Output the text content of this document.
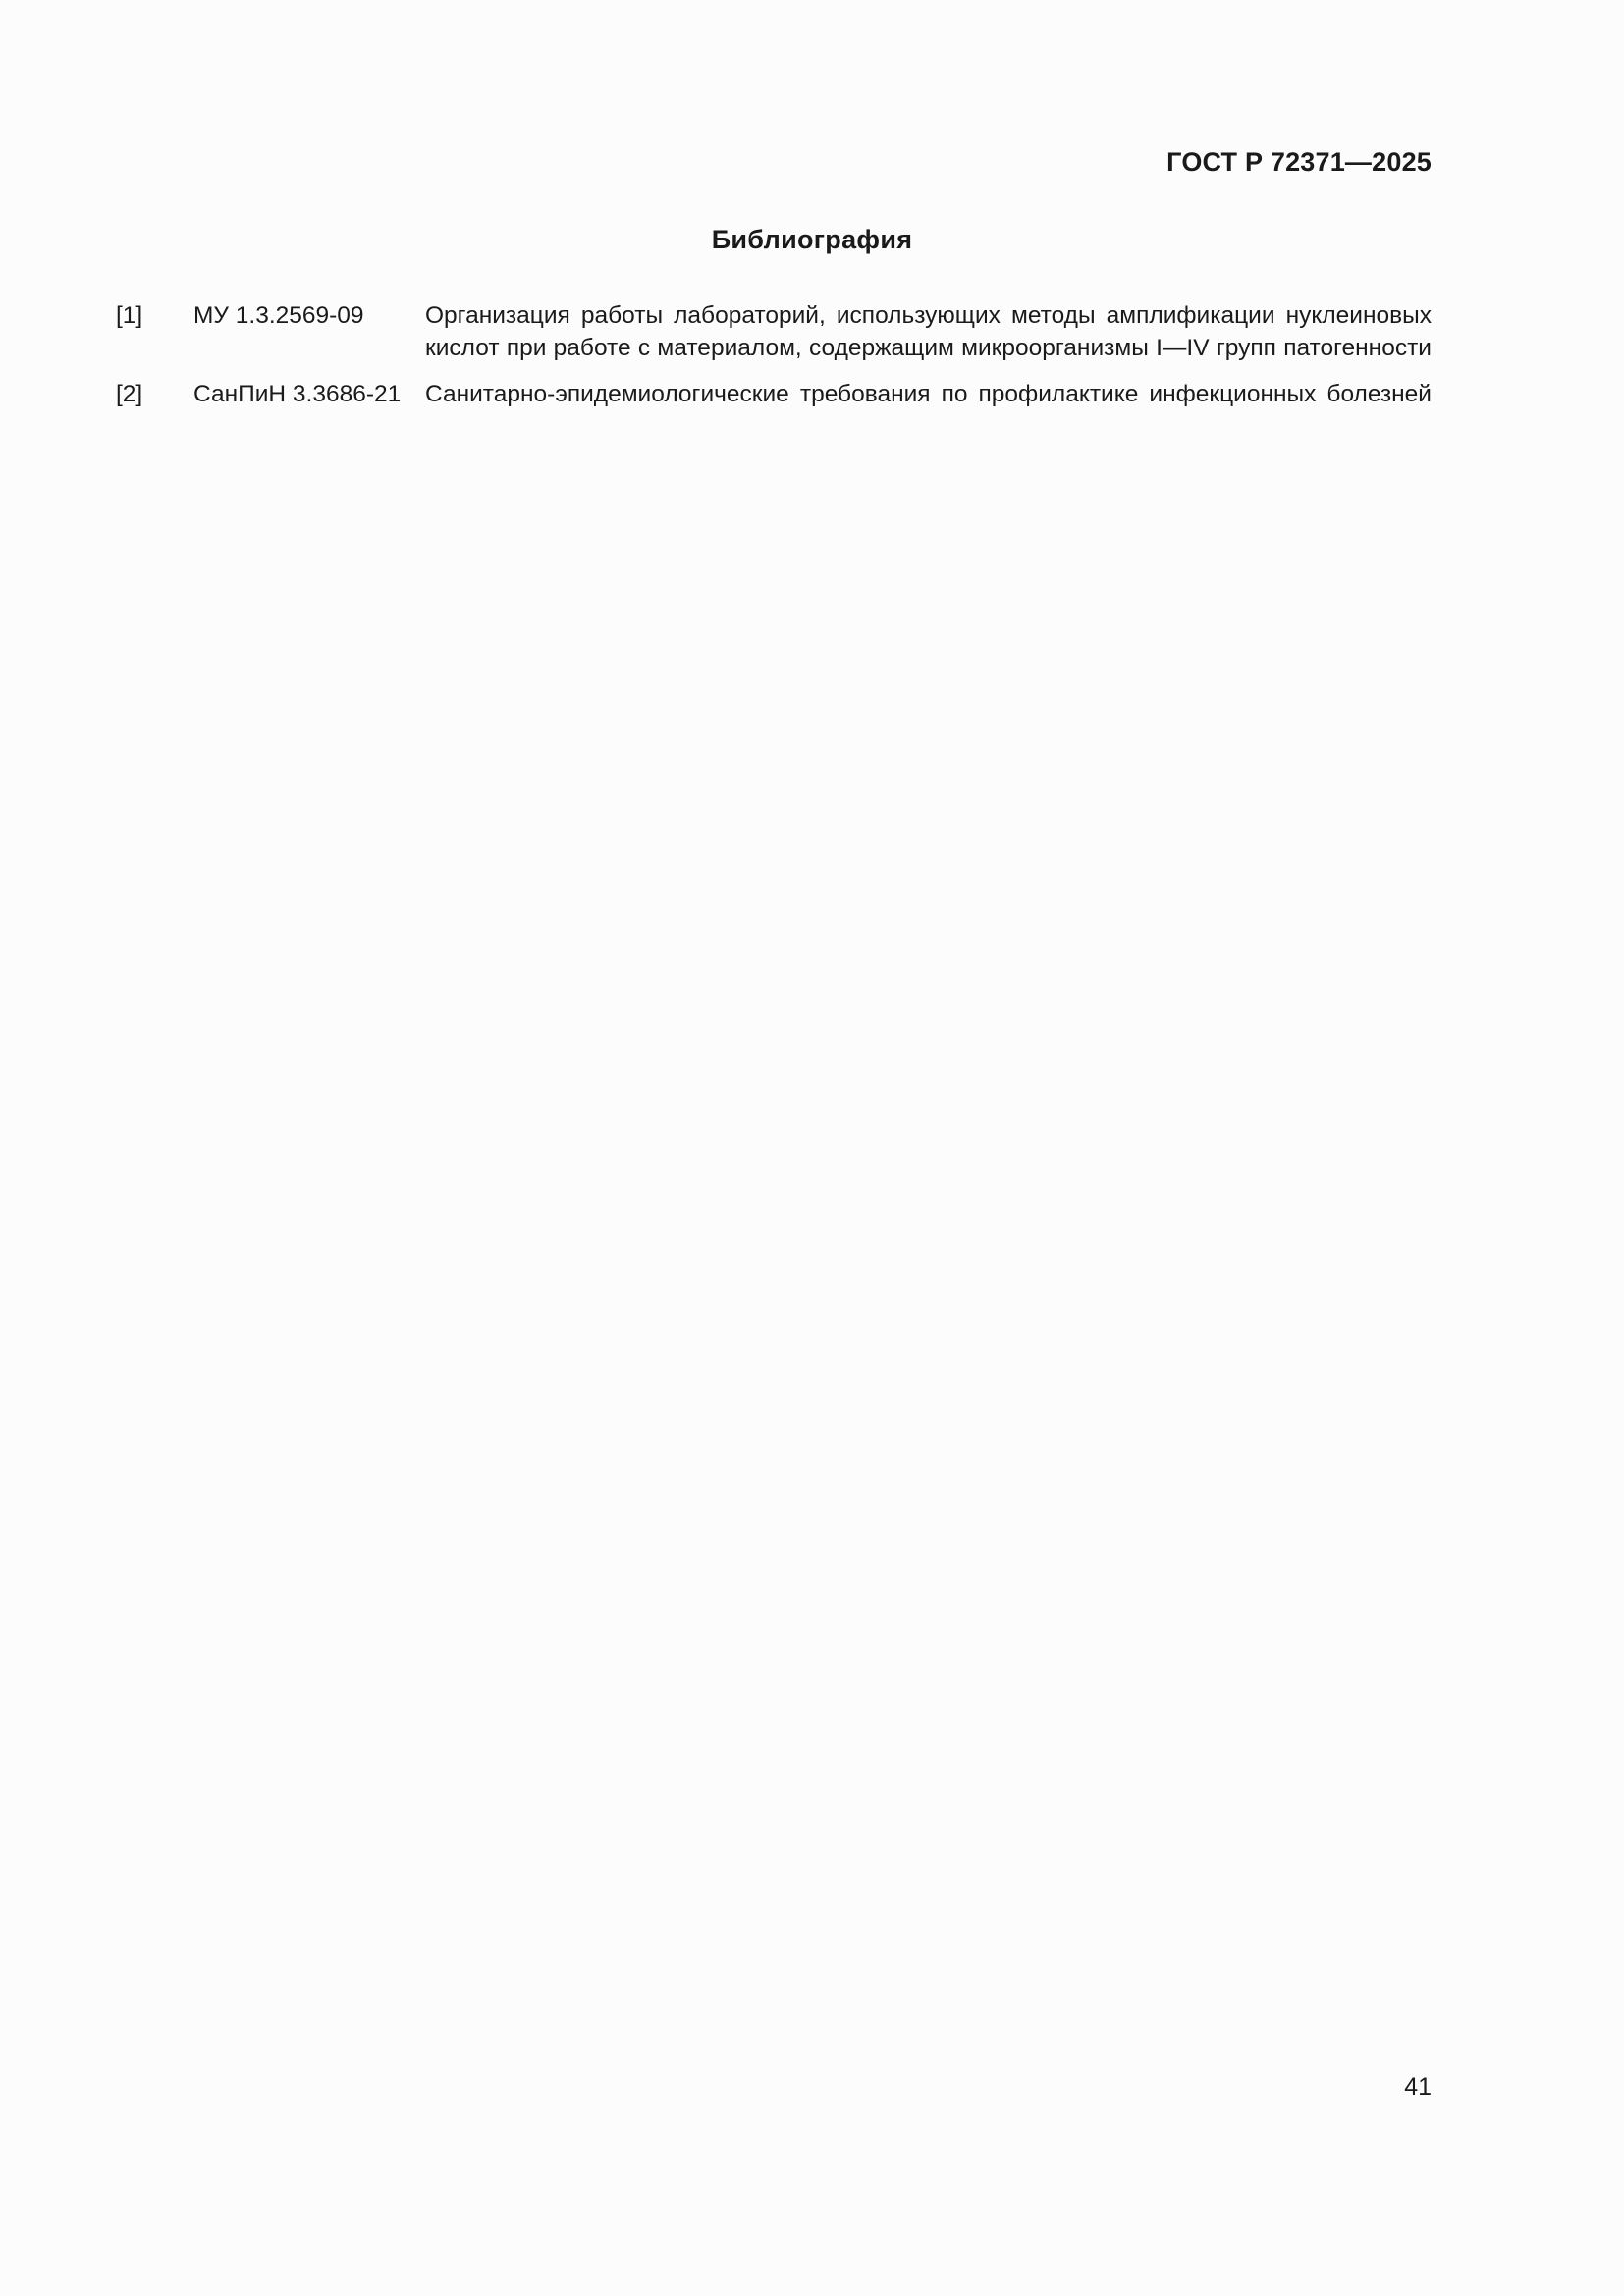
ГОСТ Р 72371—2025
Библиография
[1]	МУ 1.3.2569-09	Организация работы лабораторий, использующих методы амплификации нуклеиновых кислот при работе с материалом, содержащим микроорганизмы I—IV групп патогенности
[2]	СанПиН 3.3686-21	Санитарно-эпидемиологические требования по профилактике инфекционных болезней
41
